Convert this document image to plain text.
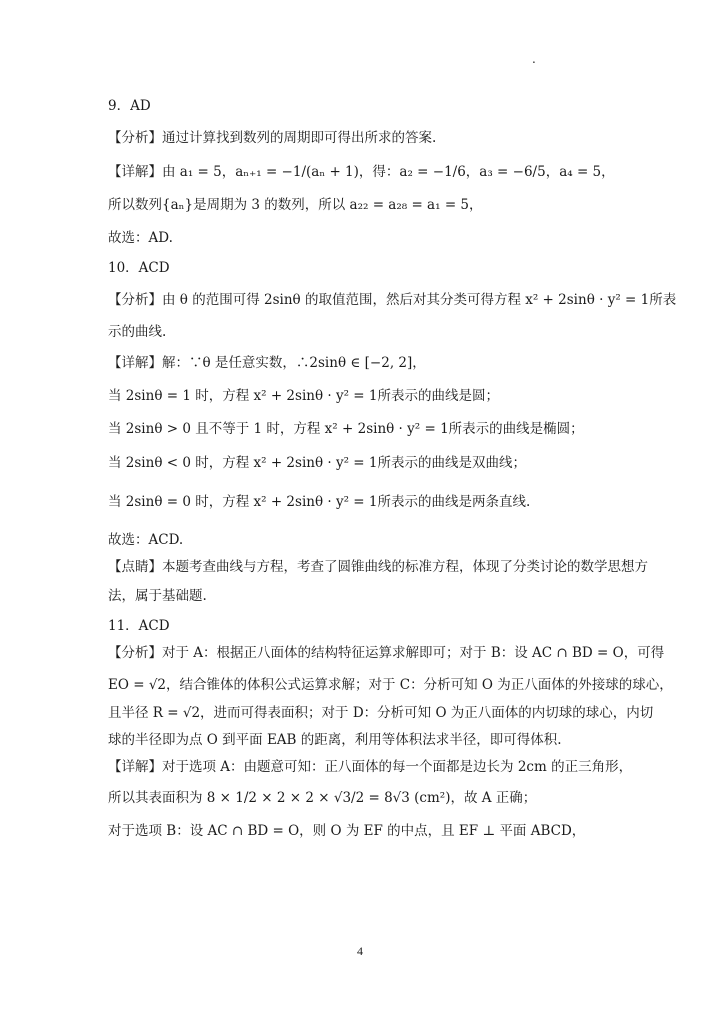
.
9．AD
【分析】通过计算找到数列的周期即可得出所求的答案.
【详解】由 a₁ = 5，aₙ₊₁ = −1/(aₙ + 1)，得：a₂ = −1/6，a₃ = −6/5，a₄ = 5，
所以数列{aₙ}是周期为 3 的数列，所以 a₂₂ = a₂₈ = a₁ = 5，
故选：AD.
10．ACD
【分析】由 θ 的范围可得 2sinθ 的取值范围，然后对其分类可得方程 x² + 2sinθ · y² = 1所表
示的曲线.
【详解】解：∵θ 是任意实数，∴2sinθ ∈ [−2, 2]，
当 2sinθ = 1 时，方程 x² + 2sinθ · y² = 1所表示的曲线是圆；
当 2sinθ > 0 且不等于 1 时，方程 x² + 2sinθ · y² = 1所表示的曲线是椭圆；
当 2sinθ < 0 时，方程 x² + 2sinθ · y² = 1所表示的曲线是双曲线；
当 2sinθ = 0 时，方程 x² + 2sinθ · y² = 1所表示的曲线是两条直线.
故选：ACD.
【点睛】本题考查曲线与方程，考查了圆锥曲线的标准方程，体现了分类讨论的数学思想方
法，属于基础题.
11．ACD
【分析】对于 A：根据正八面体的结构特征运算求解即可；对于 B：设 AC ∩ BD = O，可得
EO = √2，结合锥体的体积公式运算求解；对于 C：分析可知 O 为正八面体的外接球的球心，
且半径 R = √2，进而可得表面积；对于 D：分析可知 O 为正八面体的内切球的球心，内切
球的半径即为点 O 到平面 EAB 的距离，利用等体积法求半径，即可得体积.
【详解】对于选项 A：由题意可知：正八面体的每一个面都是边长为 2cm 的正三角形，
所以其表面积为 8 × 1/2 × 2 × 2 × √3/2 = 8√3 (cm²)，故 A 正确；
对于选项 B：设 AC ∩ BD = O，则 O 为 EF 的中点，且 EF ⊥ 平面 ABCD，
4
